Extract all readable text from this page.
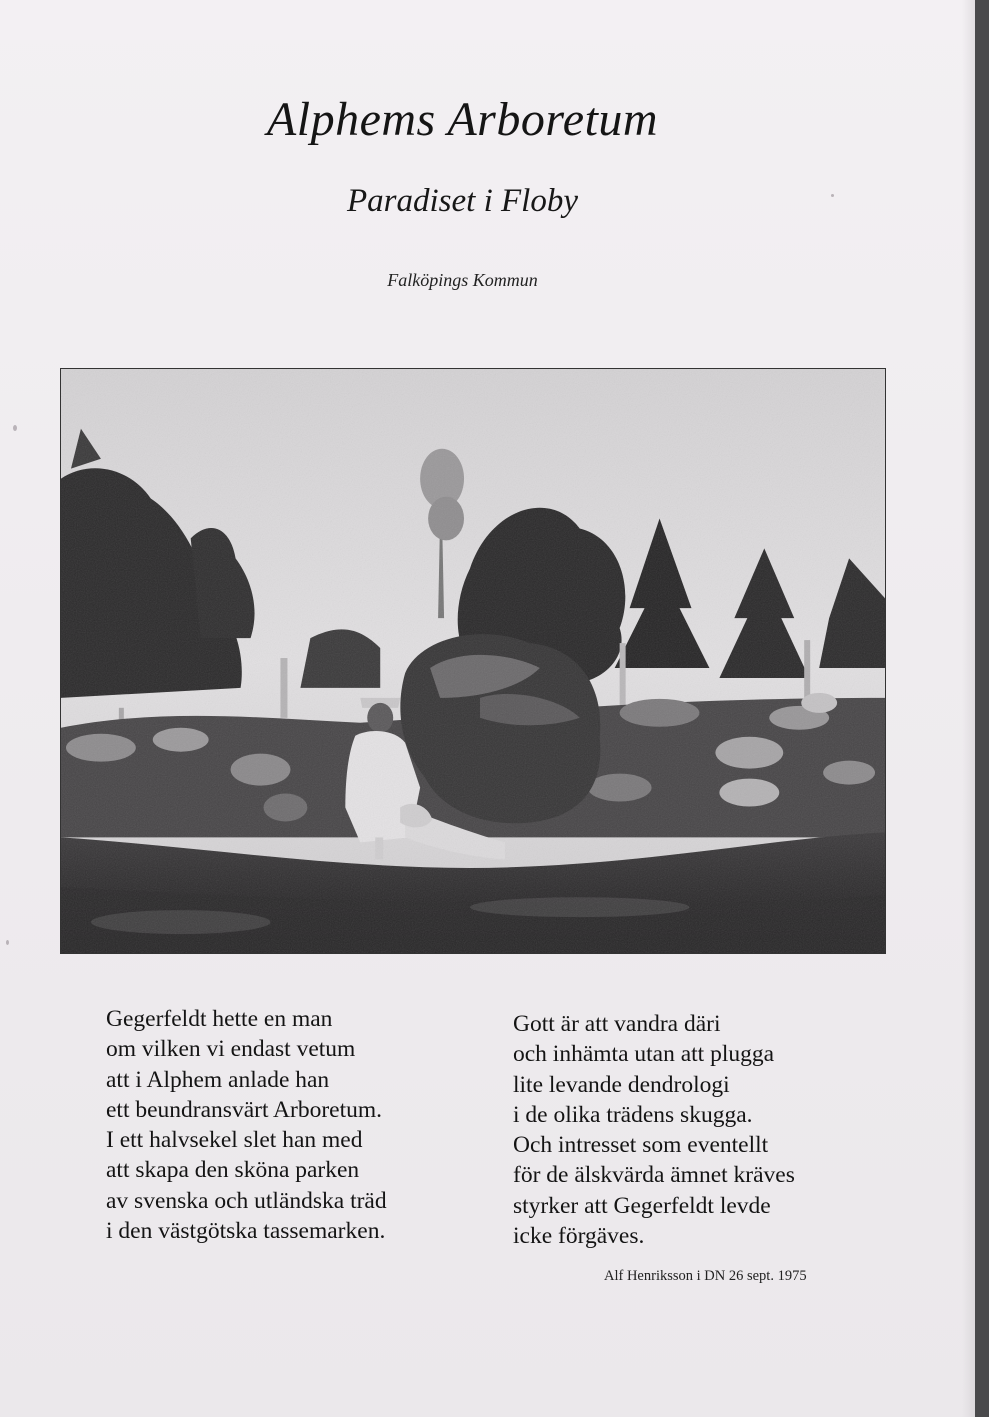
Alphems Arboretum
Paradiset i Floby
Falköpings Kommun
Gegerfeldt hette en man
om vilken vi endast vetum
att i Alphem anlade han
ett beundransvärt Arboretum.
I ett halvsekel slet han med
att skapa den sköna parken
av svenska och utländska träd
i den västgötska tassemarken.
Gott är att vandra däri
och inhämta utan att plugga
lite levande dendrologi
i de olika trädens skugga.
Och intresset som eventellt
för de älskvärda ämnet kräves
styrker att Gegerfeldt levde
icke förgäves.
Alf Henriksson i DN 26 sept. 1975
